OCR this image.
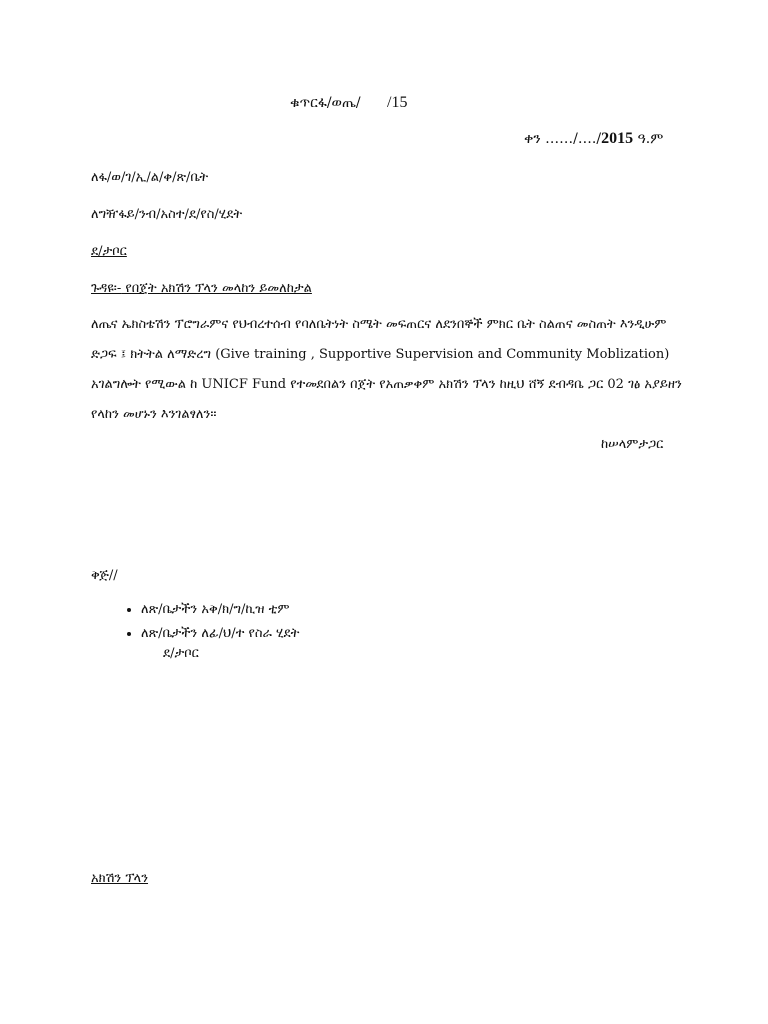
ቁጥርፋ/ወጤ/ /15
ቀን ……/…./2015 ዓ.ም
ለፋ/ወ/ገ/ኢ/ል/ቀ/ጽ/ቤት
ለግዥፋይ/ንብ/አስተ/ደ/የስ/ሂደት
ደ/ታቦር
ጉዳዩ፡- የበጀት አክሽን ፕላን መላከን ይመለከታል
ለጤና ኤክስቴሽን ፕሮግራምና የህብረተሰብ የባለቤትነት ስሜት መፍጠርና ለደንበኞች ምክር ቤት ስልጠና መስጠት እንዲሁም ድጋፍ ፤ ክትትል ለማድረግ (Give training , Supportive Supervision and Community Moblization) አገልግሎት የሚውል ከ UNICF Fund የተመደበልን በጀት የአጠቃቀም አክሽን ፕላን ከዚህ ሸኝ ደብዳቤ ጋር 02 ገፅ አያይዘን የላከን መሆኑን እንገልፃለን።
ከሠላምታጋር
ቅጅ//
• ለጽ/ቤታችን አቅ/ክ/ግ/ኪዝ ቲም
• ለጽ/ቤታችን ለፊ/ህ/ተ የስራ ሂደት
ደ/ታቦር
አክሽን ፕላን
